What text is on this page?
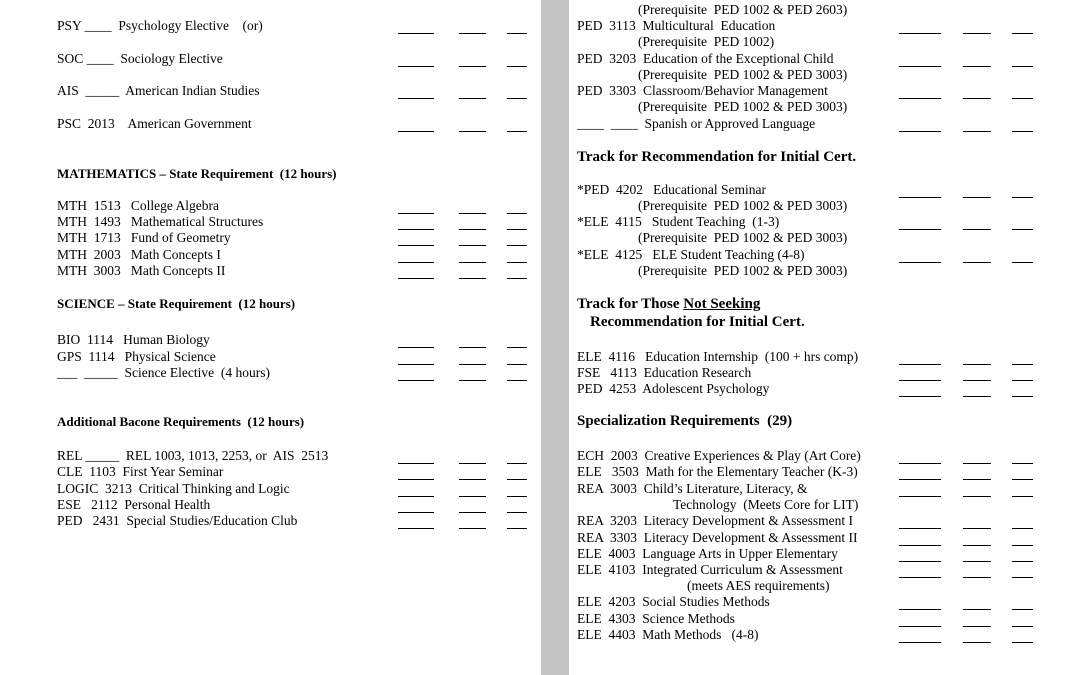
PSY ____  Psychology Elective    (or)
SOC ____  Sociology Elective
AIS  _____  American Indian Studies
PSC  2013    American Government
MTH  1513   College Algebra
MTH  1493   Mathematical Structures
MTH  1713   Fund of Geometry
MTH  2003   Math Concepts I
MTH  3003   Math Concepts II
BIO  1114   Human Biology
GPS  1114   Physical Science
___  _____  Science Elective  (4 hours)
REL _____  REL 1003, 1013, 2253, or  AIS  2513
CLE  1103  First Year Seminar
LOGIC  3213  Critical Thinking and Logic
ESE   2112  Personal Health
PED   2431  Special Studies/Education Club
MATHEMATICS – State Requirement  (12 hours)
SCIENCE – State Requirement  (12 hours)
Additional Bacone Requirements  (12 hours)
(Prerequisite  PED 1002 & PED 2603)
PED  3113  Multicultural  Education
(Prerequisite  PED 1002)
PED  3203  Education of the Exceptional Child
(Prerequisite  PED 1002 & PED 3003)
PED  3303  Classroom/Behavior Management
(Prerequisite  PED 1002 & PED 3003)
____  ____  Spanish or Approved Language
*PED  4202   Educational Seminar
(Prerequisite  PED 1002 & PED 3003)
*ELE  4115   Student Teaching  (1-3)
(Prerequisite  PED 1002 & PED 3003)
*ELE  4125   ELE Student Teaching (4-8)
(Prerequisite  PED 1002 & PED 3003)
ELE  4116   Education Internship  (100 + hrs comp)
FSE   4113  Education Research
PED  4253  Adolescent Psychology
ECH  2003  Creative Experiences & Play (Art Core)
ELE   3503  Math for the Elementary Teacher (K-3)
REA  3003  Child’s Literature, Literacy, &
Technology  (Meets Core for LIT)
REA  3203  Literacy Development & Assessment I
REA  3303  Literacy Development & Assessment II
ELE  4003  Language Arts in Upper Elementary
ELE  4103  Integrated Curriculum & Assessment
(meets AES requirements)
ELE  4203  Social Studies Methods
ELE  4303  Science Methods
ELE  4403  Math Methods   (4-8)
Track for Recommendation for Initial Cert.
Track for Those Not Seeking
Recommendation for Initial Cert.
Specialization Requirements  (29)
